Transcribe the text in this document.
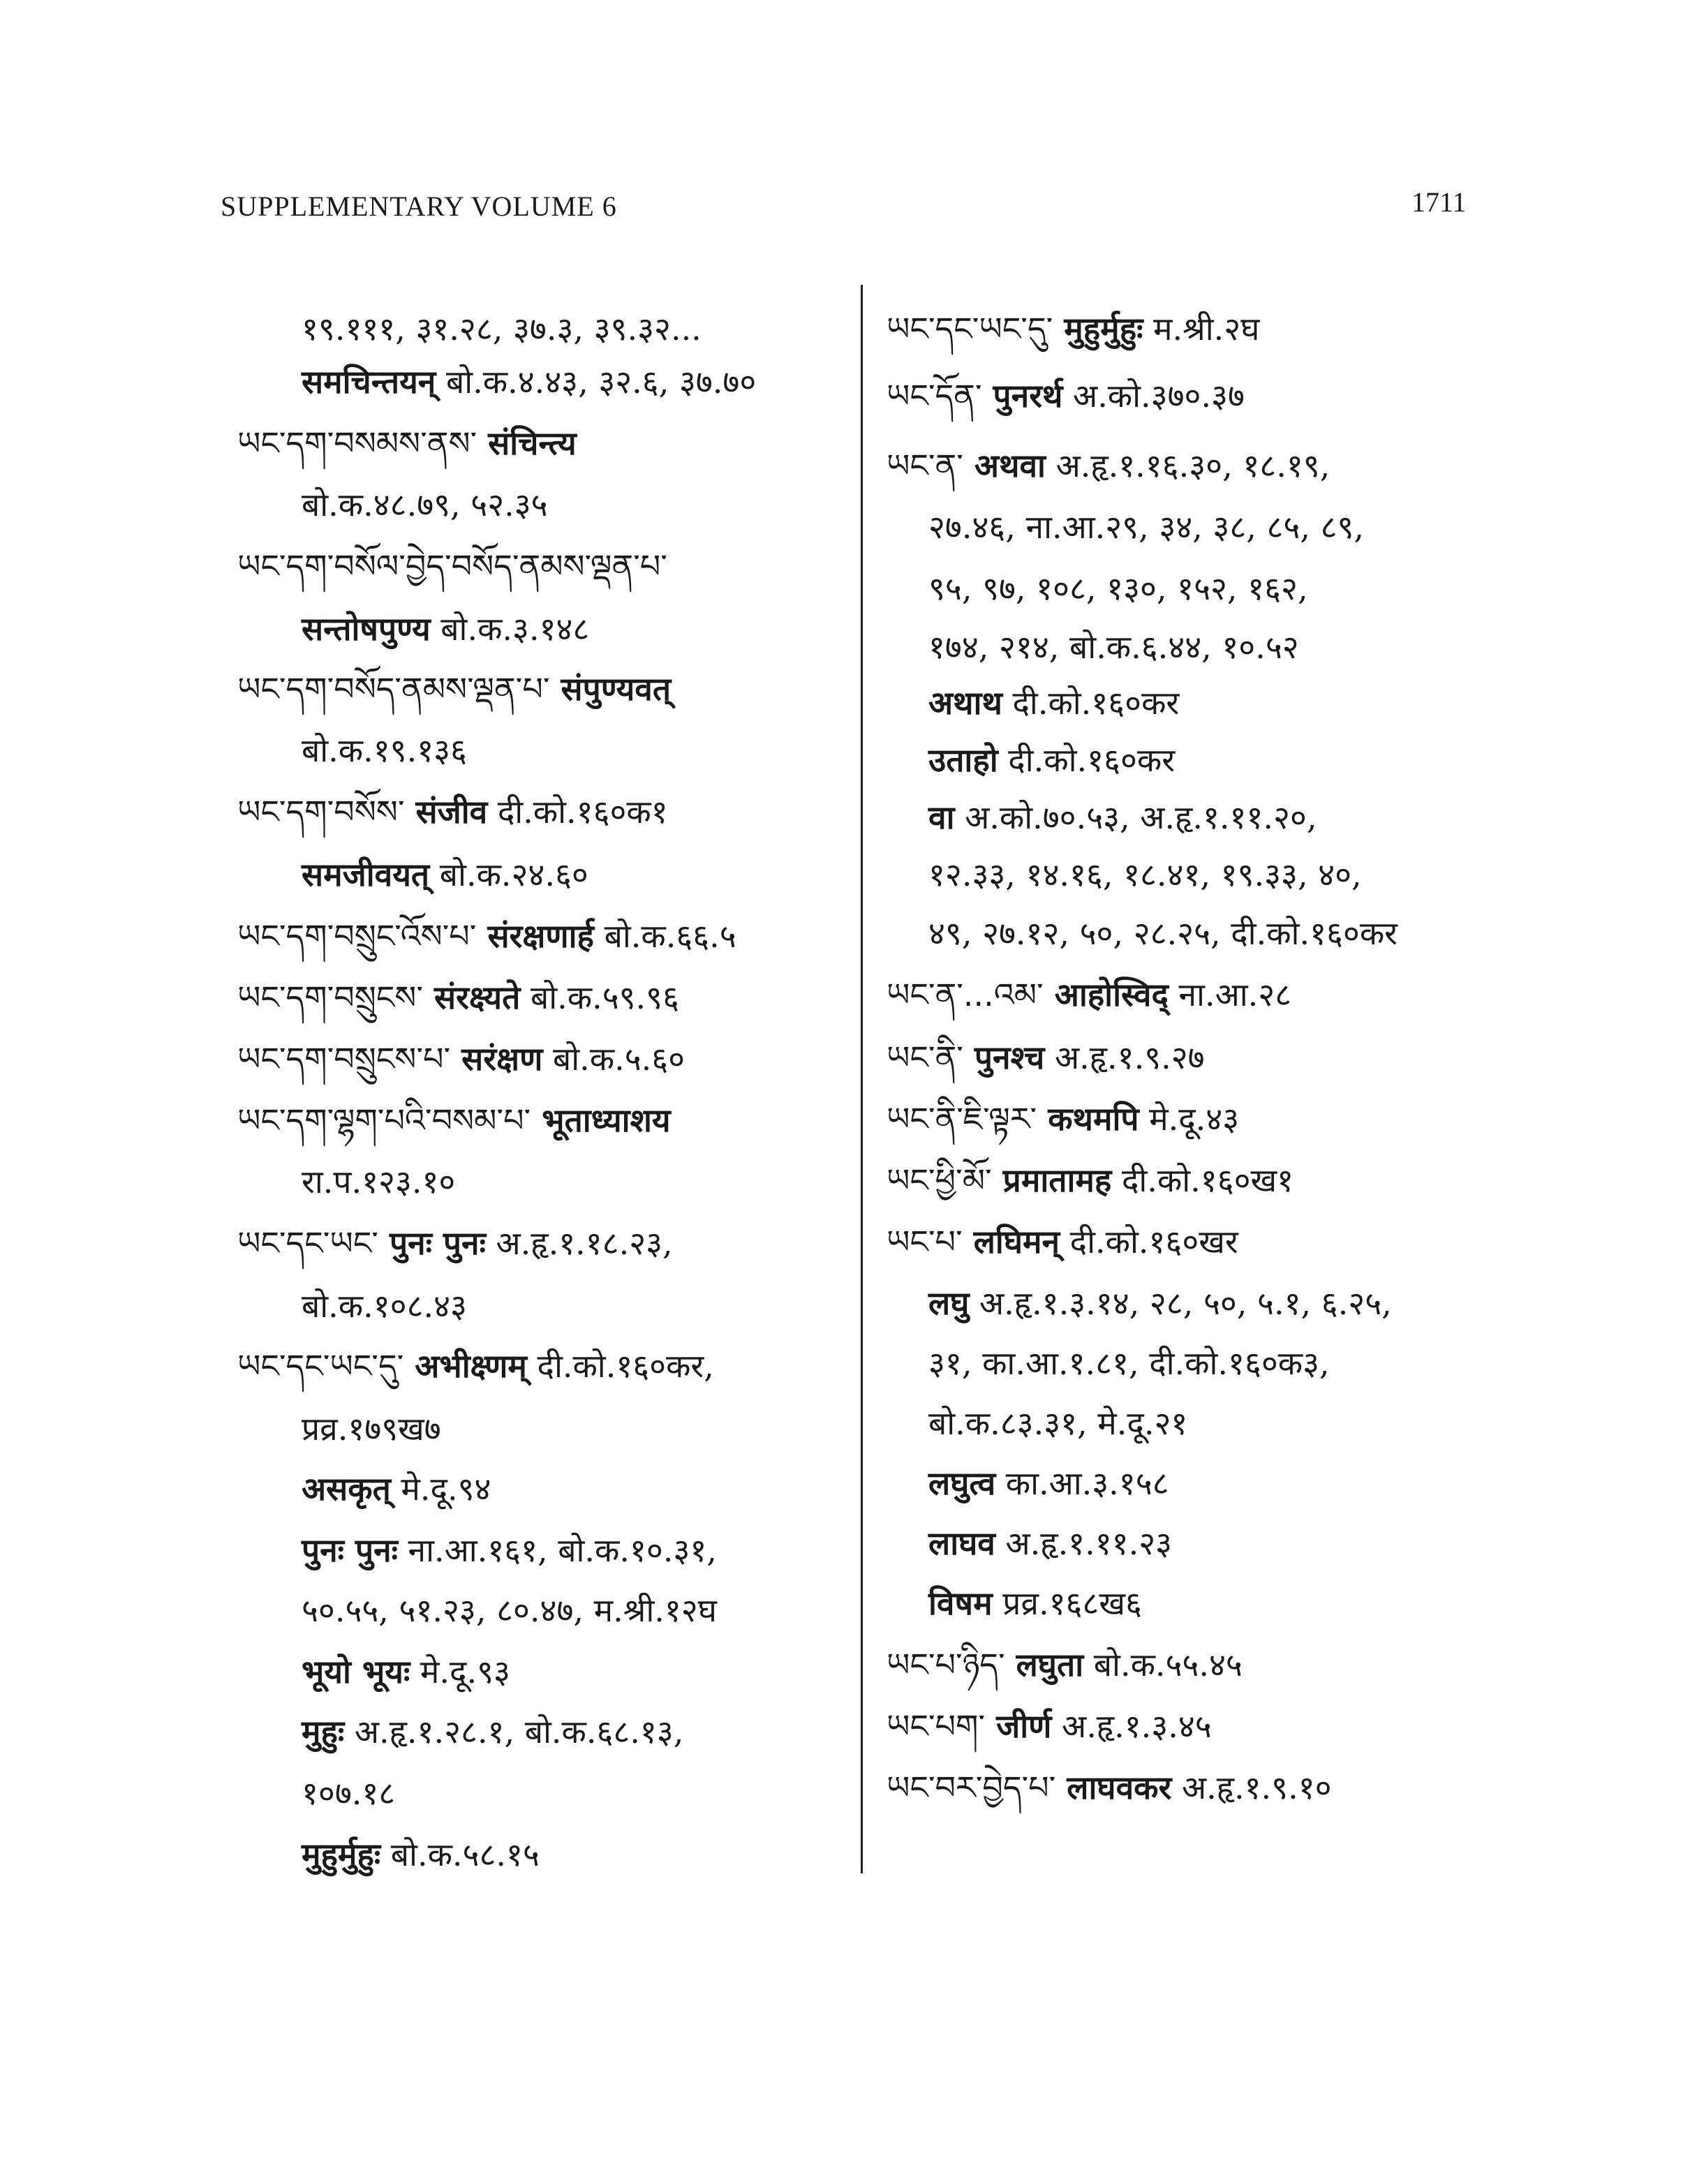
SUPPLEMENTARY VOLUME 6	1711
१९.१११, ३१.२८, ३७.३, ३९.३२...
समचिन्तयन् बो.क.४.४३, ३२.६, ३७.७०
ཡང་དག་བསམས་ནས་ संचिन्त्य
बो.क.४८.७९, ५२.३५
ཡང་དག་བསོལ་བྱེད་བསོད་ནམས་ལྡན་པ་
सन्तोषपुण्य बो.क.३.१४८
ཡང་དག་བསོད་ནམས་ལྡན་པ་ संपुण्यवत्
बो.क.१९.१३६
ཡང་དག་བསོས་ संजीव दी.को.१६०क१
समजीवयत् बो.क.२४.६०
ཡང་དག་བསྲུང་འོས་པ་ संरक्षणार्ह बो.क.६६.५
ཡང་དག་བསྲུངས་ संरक्ष्यते बो.क.५९.९६
ཡང་དག་བསྲུངས་པ་ सरंक्षण बो.क.५.६०
ཡང་དག་ལྷག་པའི་བསམ་པ་ भूताध्याशय
रा.प.१२३.१०
ཡང་དང་ཡང་ पुनः पुनः अ.हृ.१.१८.२३,
बो.क.१०८.४३
ཡང་དང་ཡང་དུ་ अभीक्ष्णम् दी.को.१६०कर,
प्रव्र.१७९ख७
असकृत् मे.दू.९४
पुनः पुनः ना.आ.१६१, बो.क.१०.३१,
५०.५५, ५१.२३, ८०.४७, म.श्री.१२घ
भूयो भूयः मे.दू.९३
मुहुः अ.हृ.१.२८.१, बो.क.६८.१३,
१०७.१८
मुहुर्मुहुः बो.क.५८.१५
ཡང་དང་ཡང་དུ་ मुहुर्मुहुः म.श्री.२घ
ཡང་དོན་ पुनरर्थ अ.को.३७०.३७
ཡང་ན་ अथवा अ.हृ.१.१६.३०, १८.१९,
२७.४६, ना.आ.२९, ३४, ३८, ८५, ८९,
९५, ९७, १०८, १३०, १५२, १६२,
१७४, २१४, बो.क.६.४४, १०.५२
अथाथ दी.को.१६०कर
उताहो दी.को.१६०कर
वा अ.को.७०.५३, अ.हृ.१.११.२०,
१२.३३, १४.१६, १८.४१, १९.३३, ४०,
४९, २७.१२, ५०, २८.२५, दी.को.१६०कर
ཡང་ན་...འམ་ आहोस्विद् ना.आ.२८
ཡང་ནི་ पुनश्च अ.हृ.१.९.२७
ཡང་ནི་ཇི་ལྟར་ कथमपि मे.दू.४३
ཡང་ཕྱི་མོ་ प्रमातामह दी.को.१६०ख१
ཡང་པ་ लघिमन् दी.को.१६०खर
लघु अ.हृ.१.३.१४, २८, ५०, ५.१, ६.२५,
३१, का.आ.१.८१, दी.को.१६०क३,
बो.क.८३.३१, मे.दू.२१
लघुत्व का.आ.३.१५८
लाघव अ.हृ.१.११.२३
विषम प्रव्र.१६८ख६
ཡང་པ་ཉིད་ लघुता बो.क.५५.४५
ཡང་པག་ जीर्ण अ.हृ.१.३.४५
ཡང་བར་བྱེད་པ་ लाघवकर अ.हृ.१.९.१०
